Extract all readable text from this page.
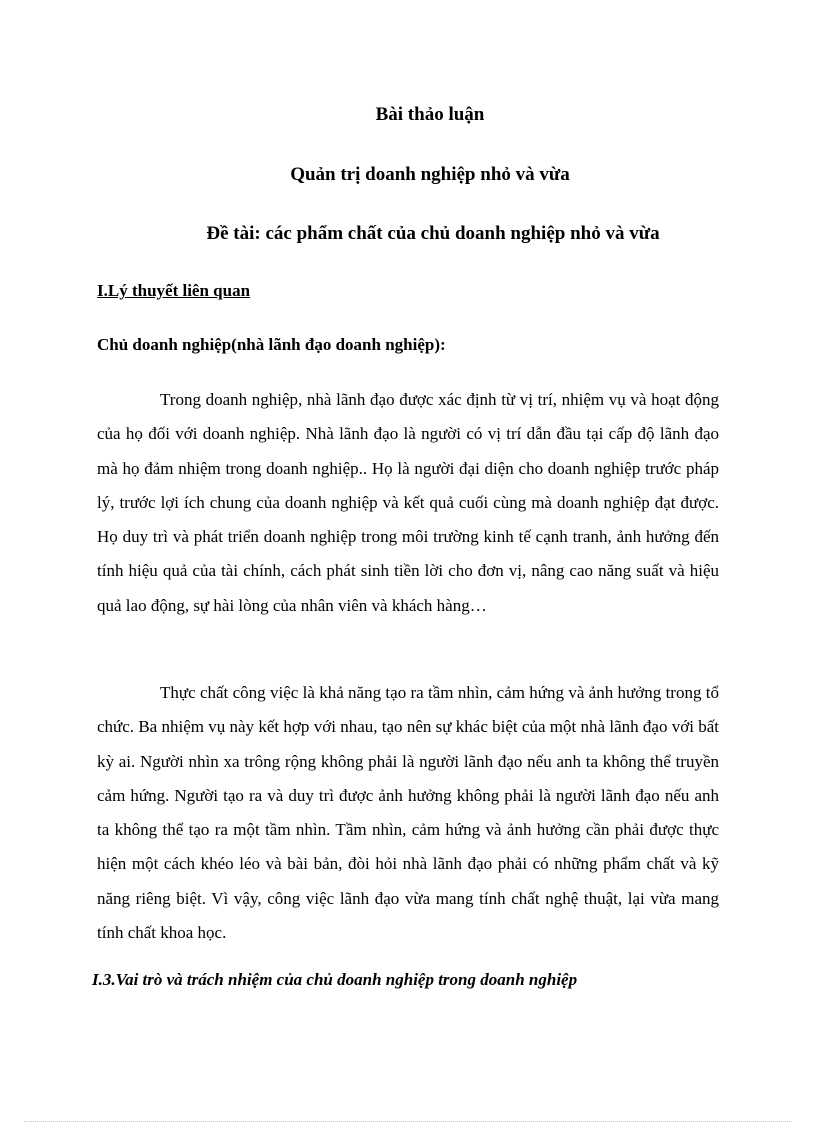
Bài thảo luận
Quản trị doanh nghiệp nhỏ và vừa
Đề tài: các phẩm chất của chủ doanh nghiệp nhỏ và vừa
I.Lý thuyết liên quan
Chủ doanh nghiệp(nhà lãnh đạo doanh nghiệp):

Trong doanh nghiệp, nhà lãnh đạo được xác định từ vị trí, nhiệm vụ và hoạt động của họ đối với doanh nghiệp. Nhà lãnh đạo là người có vị trí dẫn đầu tại cấp độ lãnh đạo mà họ đảm nhiệm trong doanh nghiệp.. Họ là người đại diện cho doanh nghiệp trước pháp lý, trước lợi ích chung của doanh nghiệp và kết quả cuối cùng mà doanh nghiệp đạt được. Họ duy trì và phát triển doanh nghiệp trong môi trường kinh tế cạnh tranh, ảnh hưởng đến tính hiệu quả của tài chính, cách phát sinh tiền lời cho đơn vị, nâng cao năng suất và hiệu quả lao động, sự hài lòng của nhân viên và khách hàng…

Thực chất công việc là khả năng tạo ra tầm nhìn, cảm hứng và ảnh hưởng trong tổ chức. Ba nhiệm vụ này kết hợp với nhau, tạo nên sự khác biệt của một nhà lãnh đạo với bất kỳ ai. Người nhìn xa trông rộng không phải là người lãnh đạo nếu anh ta không thể truyền cảm hứng. Người tạo ra và duy trì được ảnh hưởng không phải là người lãnh đạo nếu anh ta không thể tạo ra một tầm nhìn. Tầm nhìn, cảm hứng và ảnh hưởng cần phải được thực hiện một cách khéo léo và bài bản, đòi hỏi nhà lãnh đạo phải có những phẩm chất và kỹ năng riêng biệt. Vì vậy, công việc lãnh đạo vừa mang tính chất nghệ thuật, lại vừa mang tính chất khoa học.

I.3.Vai trò và trách nhiệm của chủ doanh nghiệp trong doanh nghiệp
